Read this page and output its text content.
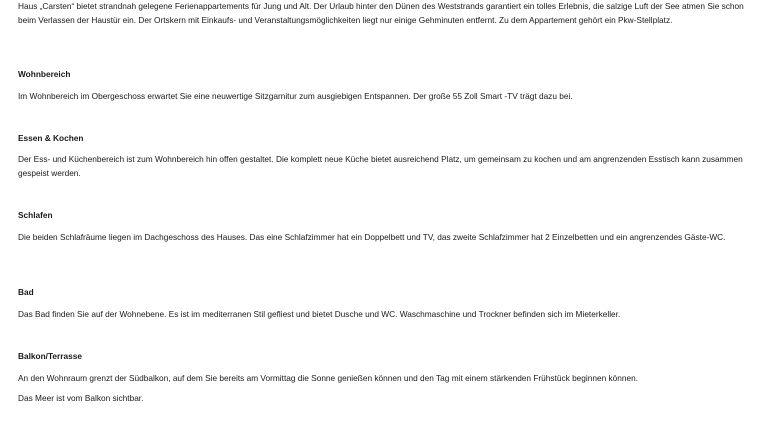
Haus „Carsten“ bietet strandnah gelegene Ferienappartements für Jung und Alt. Der Urlaub hinter den Dünen des Weststrands garantiert ein tolles Erlebnis, die salzige Luft der See atmen Sie schon beim Verlassen der Haustür ein. Der Ortskern mit Einkaufs- und Veranstaltungsmöglichkeiten liegt nur einige Gehminuten entfernt. Zu dem Appartement gehört ein Pkw-Stellplatz.

Wohnbereich

Im Wohnbereich im Obergeschoss erwartet Sie eine neuwertige Sitzgarnitur zum ausgiebigen Entspannen. Der große 55 Zoll Smart -TV trägt dazu bei.

Essen & Kochen

Der Ess- und Küchenbereich ist zum Wohnbereich hin offen gestaltet. Die komplett neue Küche bietet ausreichend Platz, um gemeinsam zu kochen und am angrenzenden Esstisch kann zusammen gespeist werden.

Schlafen

Die beiden Schlafräume liegen im Dachgeschoss des Hauses. Das eine Schlafzimmer hat ein Doppelbett und TV, das zweite Schlafzimmer hat 2 Einzelbetten und ein angrenzendes Gäste-WC.

Bad

Das Bad finden Sie auf der Wohnebene. Es ist im mediterranen Stil gefliest und bietet Dusche und WC. Waschmaschine und Trockner befinden sich im Mieterkeller.

Balkon/Terrasse

An den Wohnraum grenzt der Südbalkon, auf dem Sie bereits am Vormittag die Sonne genießen können und den Tag mit einem stärkenden Frühstück beginnen können.

Das Meer ist vom Balkon sichtbar.
